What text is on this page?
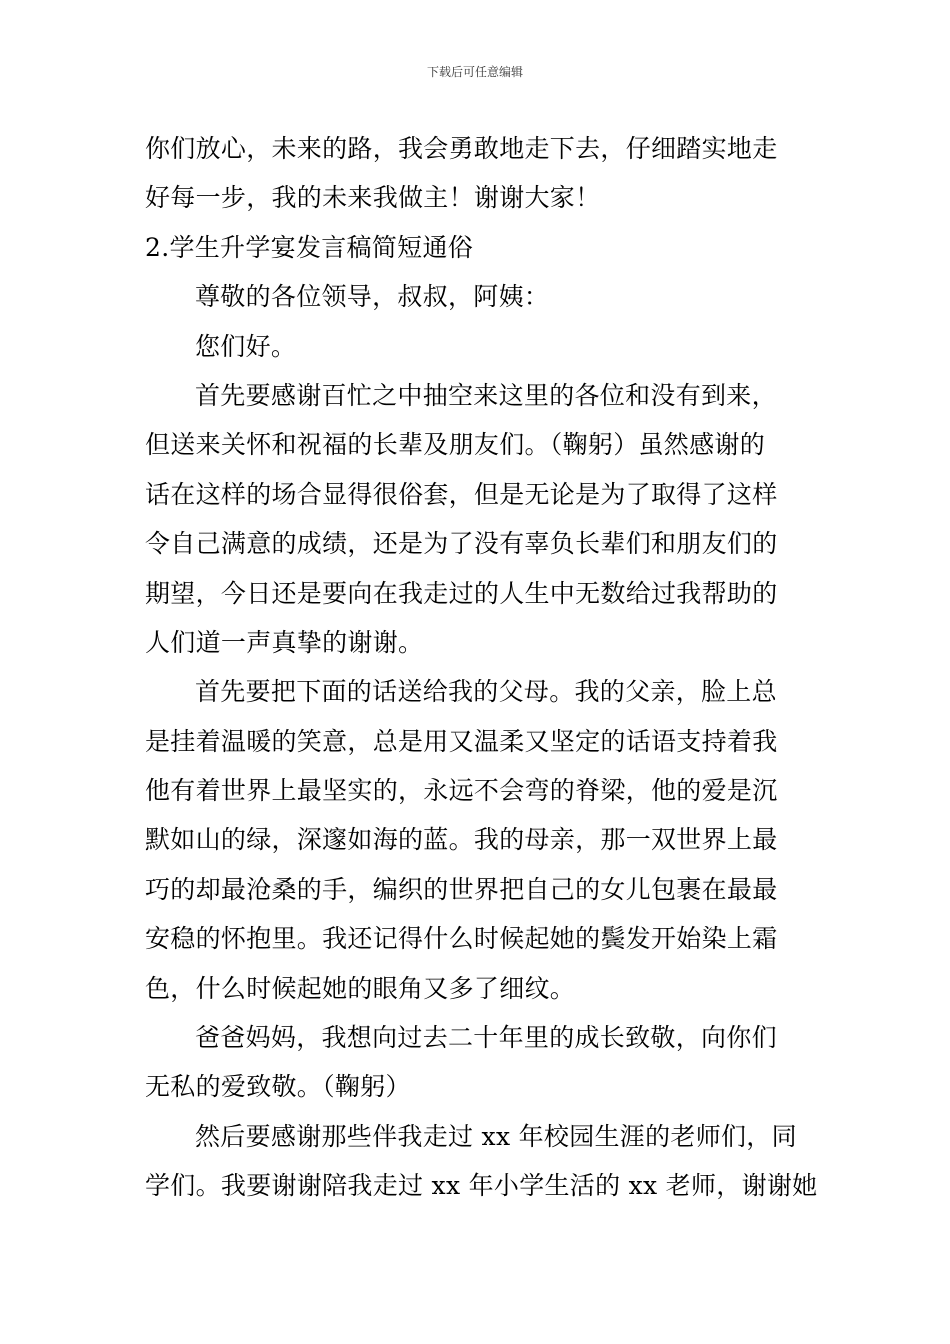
下载后可任意编辑
你们放心，未来的路，我会勇敢地走下去，仔细踏实地走
好每一步，我的未来我做主！谢谢大家！
2.学生升学宴发言稿简短通俗
尊敬的各位领导，叔叔，阿姨：
您们好。
首先要感谢百忙之中抽空来这里的各位和没有到来，
但送来关怀和祝福的长辈及朋友们。（鞠躬）虽然感谢的
话在这样的场合显得很俗套，但是无论是为了取得了这样
令自己满意的成绩，还是为了没有辜负长辈们和朋友们的
期望，今日还是要向在我走过的人生中无数给过我帮助的
人们道一声真挚的谢谢。
首先要把下面的话送给我的父母。我的父亲，脸上总
是挂着温暖的笑意，总是用又温柔又坚定的话语支持着我
他有着世界上最坚实的，永远不会弯的脊梁，他的爱是沉
默如山的绿，深邃如海的蓝。我的母亲，那一双世界上最
巧的却最沧桑的手，编织的世界把自己的女儿包裹在最最
安稳的怀抱里。我还记得什么时候起她的鬓发开始染上霜
色，什么时候起她的眼角又多了细纹。
爸爸妈妈，我想向过去二十年里的成长致敬，向你们
无私的爱致敬。（鞠躬）
然后要感谢那些伴我走过 xx 年校园生涯的老师们，同
学们。我要谢谢陪我走过 xx 年小学生活的 xx 老师，谢谢她
